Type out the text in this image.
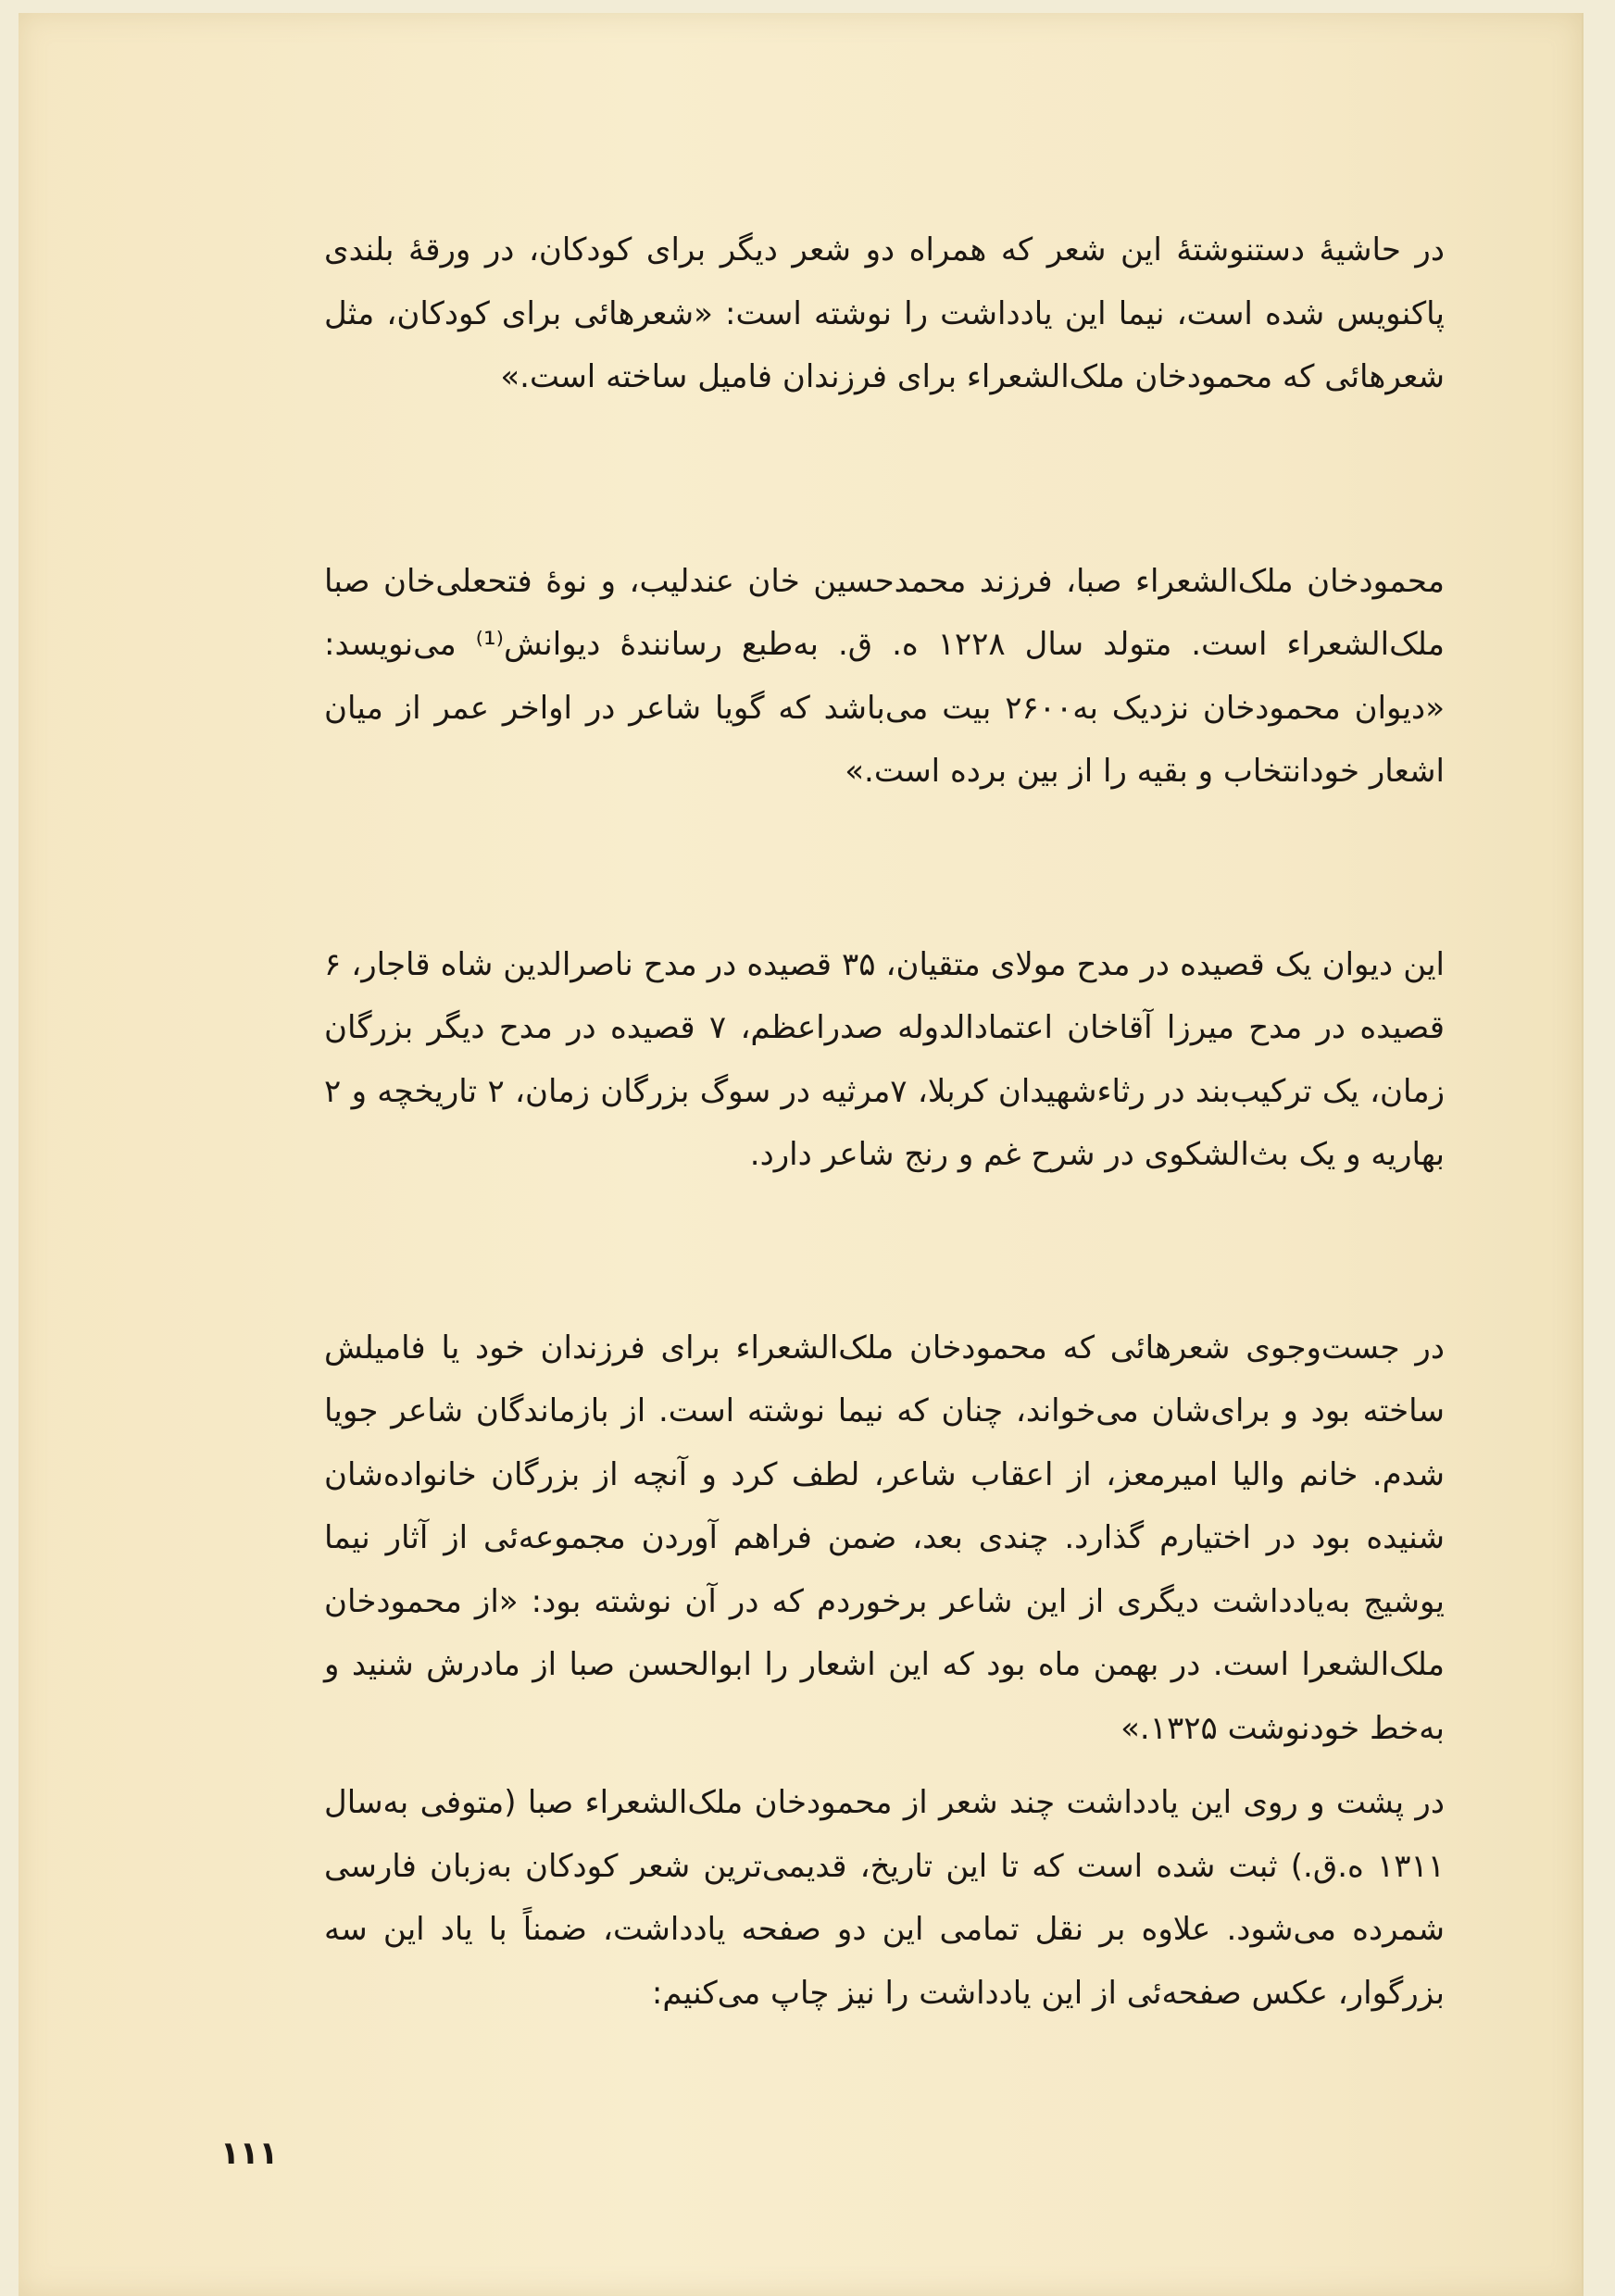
در حاشیهٔ دستنوشتهٔ این شعر که همراه دو شعر دیگر برای کودکان، در ورقهٔ بلندی پاکنویس شده است، نیما این یادداشت را نوشته است: «شعرهائی برای کودکان، مثل شعرهائی که محمودخان ملک‌الشعراء برای فرزندان فامیل ساخته است.»

محمودخان ملک‌الشعراء صبا، فرزند محمدحسین خان عندلیب، و نوهٔ فتحعلی‌خان صبا ملک‌الشعراء است. متولد سال ۱۲۲۸ ه. ق. به‌طبع رسانندهٔ دیوانش⁽¹⁾ می‌نویسد: «دیوان محمودخان نزدیک به۲۶۰۰ بیت می‌باشد که گویا شاعر در اواخر عمر از میان اشعار خودانتخاب و بقیه را از بین برده است.»

این دیوان یک قصیده در مدح مولای متقیان، ۳۵ قصیده در مدح ناصرالدین شاه قاجار، ۶ قصیده در مدح میرزا آقاخان اعتمادالدوله صدراعظم، ۷ قصیده در مدح دیگر بزرگان زمان، یک ترکیب‌بند در رثاء‌شهیدان کربلا، ۷مرثیه در سوگ بزرگان زمان، ۲ تاریخچه و ۲ بهاریه و یک بث‌الشکوی در شرح غم و رنج شاعر دارد.

در جست‌وجوی شعرهائی که محمودخان ملک‌الشعراء برای فرزندان خود یا فامیلش ساخته بود و برای‌شان می‌خواند، چنان که نیما نوشته است. از بازماندگان شاعر جویا شدم. خانم والیا امیرمعز، از اعقاب شاعر، لطف کرد و آنچه از بزرگان خانواده‌شان شنیده بود در اختیارم گذارد. چندی بعد، ضمن فراهم آوردن مجموعه‌ئی از آثار نیما یوشیج به‌یادداشت دیگری از این شاعر برخوردم که در آن نوشته بود: «از محمودخان ملک‌الشعرا است. در بهمن ماه بود که این اشعار را ابوالحسن صبا از مادرش شنید و به‌خط خودنوشت ۱۳۲۵.»

در پشت و روی این یادداشت چند شعر از محمودخان ملک‌الشعراء صبا (متوفی به‌سال ۱۳۱۱ ه.ق.) ثبت شده است که تا این تاریخ، قدیمی‌ترین شعر کودکان به‌زبان فارسی شمرده می‌شود. علاوه بر نقل تمامی این دو صفحه یادداشت، ضمناً با یاد این سه بزرگوار، عکس صفحه‌ئی از این یادداشت را نیز چاپ می‌کنیم:

۱۱۱
